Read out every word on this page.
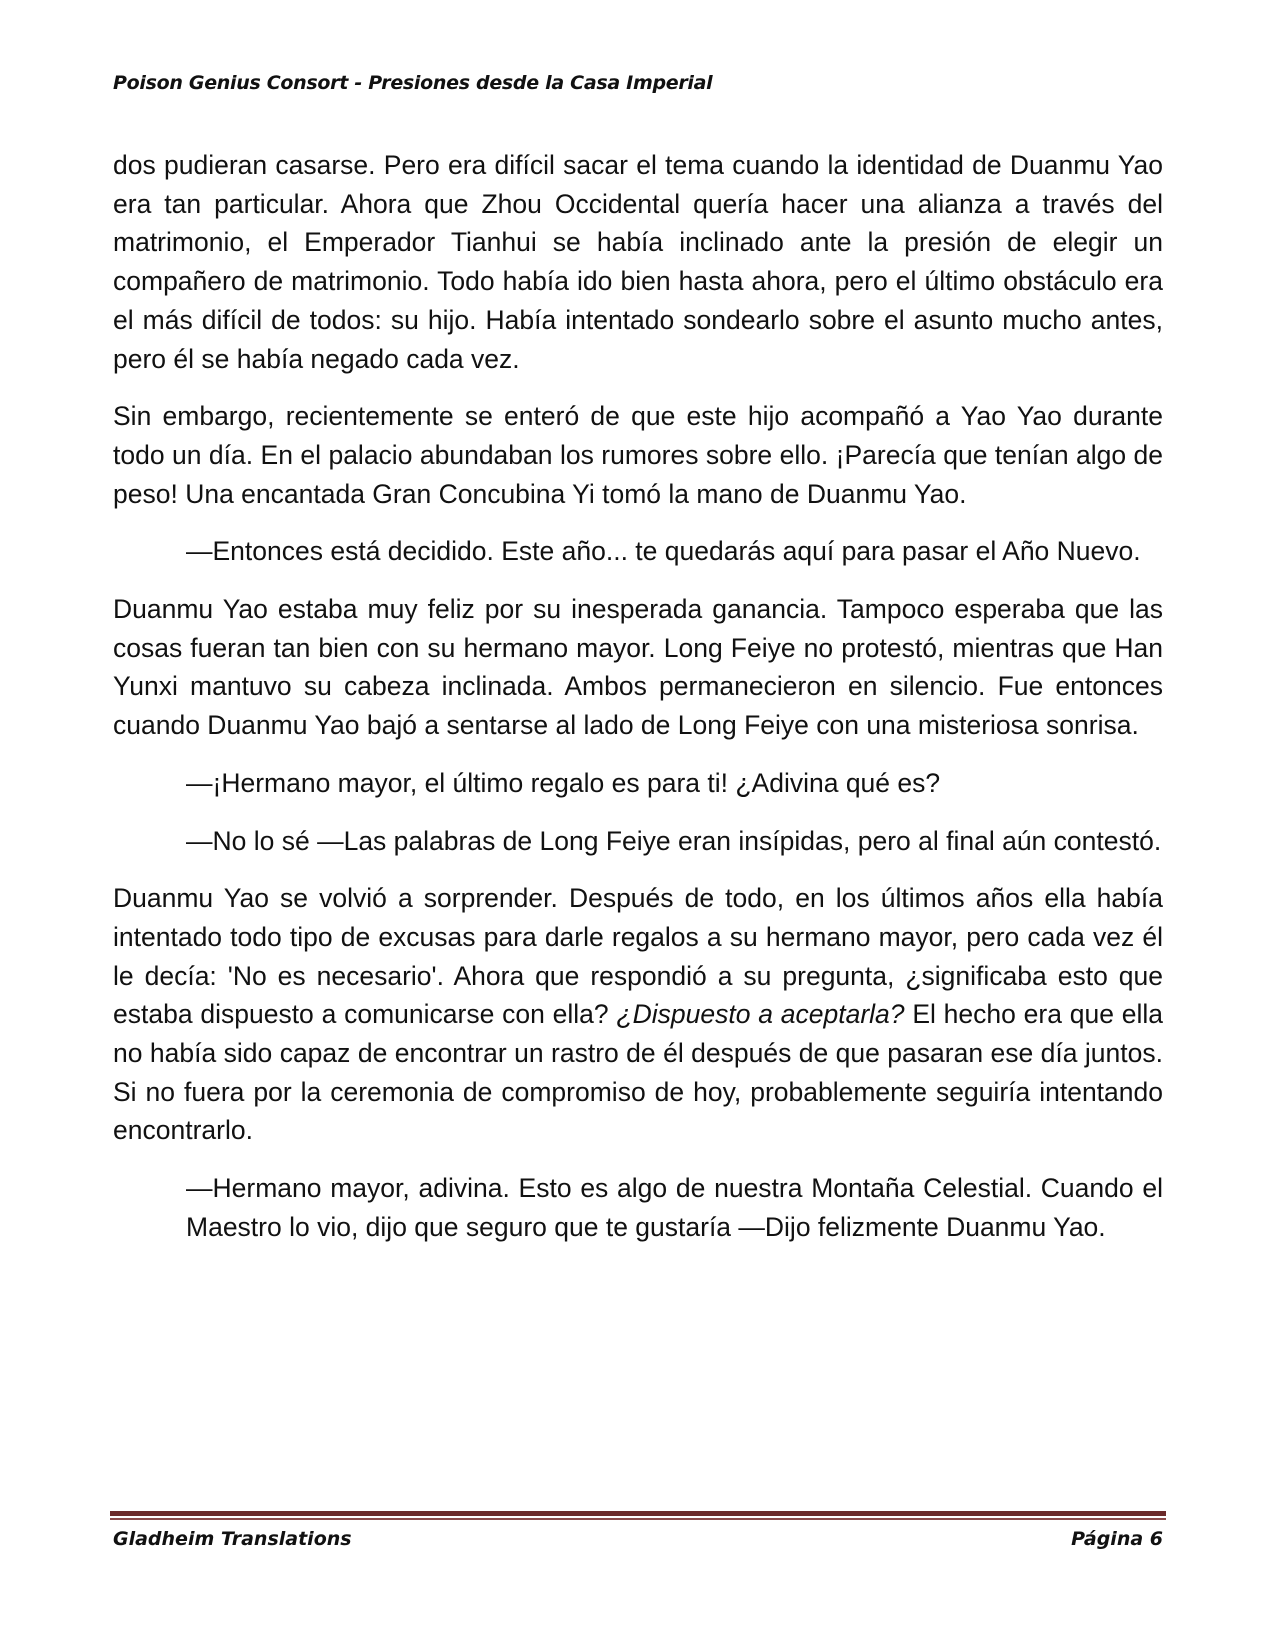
Poison Genius Consort - Presiones desde la Casa Imperial

dos pudieran casarse. Pero era difícil sacar el tema cuando la identidad de Duanmu Yao era tan particular. Ahora que Zhou Occidental quería hacer una alianza a través del matrimonio, el Emperador Tianhui se había inclinado ante la presión de elegir un compañero de matrimonio. Todo había ido bien hasta ahora, pero el último obstáculo era el más difícil de todos: su hijo. Había intentado sondearlo sobre el asunto mucho antes, pero él se había negado cada vez.

Sin embargo, recientemente se enteró de que este hijo acompañó a Yao Yao durante todo un día. En el palacio abundaban los rumores sobre ello. ¡Parecía que tenían algo de peso! Una encantada Gran Concubina Yi tomó la mano de Duanmu Yao.

—Entonces está decidido. Este año... te quedarás aquí para pasar el Año Nuevo.

Duanmu Yao estaba muy feliz por su inesperada ganancia. Tampoco esperaba que las cosas fueran tan bien con su hermano mayor. Long Feiye no protestó, mientras que Han Yunxi mantuvo su cabeza inclinada. Ambos permanecieron en silencio. Fue entonces cuando Duanmu Yao bajó a sentarse al lado de Long Feiye con una misteriosa sonrisa.

—¡Hermano mayor, el último regalo es para ti! ¿Adivina qué es?

—No lo sé —Las palabras de Long Feiye eran insípidas, pero al final aún contestó.

Duanmu Yao se volvió a sorprender. Después de todo, en los últimos años ella había intentado todo tipo de excusas para darle regalos a su hermano mayor, pero cada vez él le decía: 'No es necesario'. Ahora que respondió a su pregunta, ¿significaba esto que estaba dispuesto a comunicarse con ella? ¿Dispuesto a aceptarla? El hecho era que ella no había sido capaz de encontrar un rastro de él después de que pasaran ese día juntos. Si no fuera por la ceremonia de compromiso de hoy, probablemente seguiría intentando encontrarlo.

—Hermano mayor, adivina. Esto es algo de nuestra Montaña Celestial. Cuando el Maestro lo vio, dijo que seguro que te gustaría —Dijo felizmente Duanmu Yao.

Gladheim Translations	Página 6
